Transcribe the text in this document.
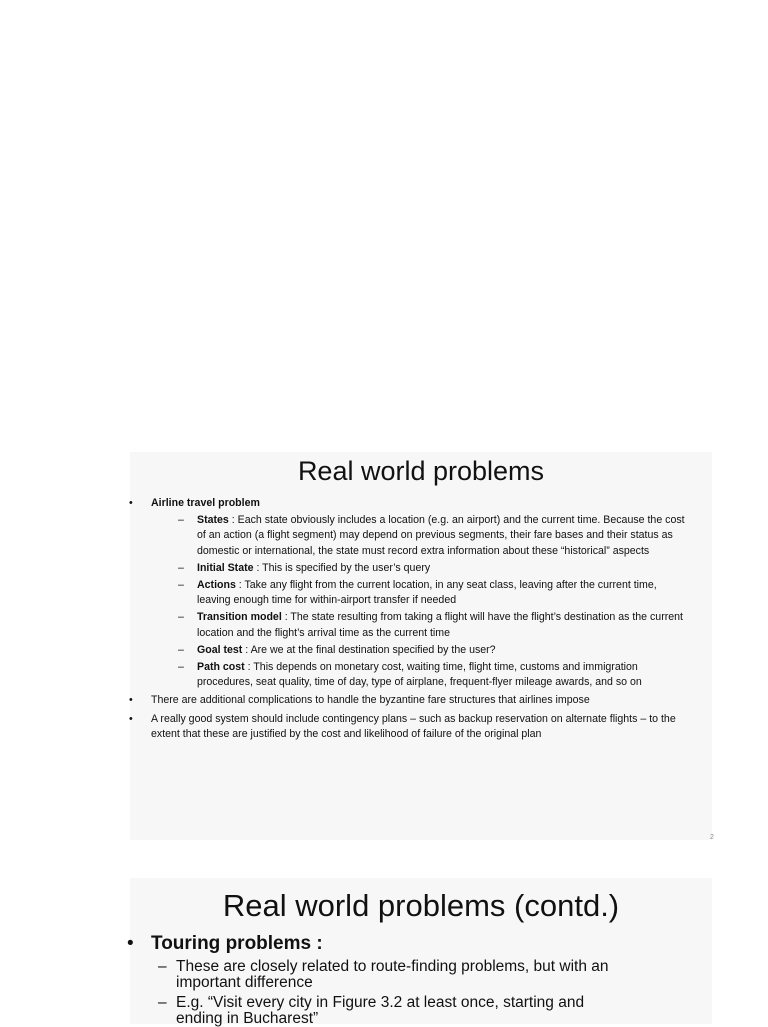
Real world problems
• Airline travel problem
– States : Each state obviously includes a location (e.g. an airport) and the current time. Because the cost of an action (a flight segment) may depend on previous segments, their fare bases and their status as domestic or international, the state must record extra information about these “historical” aspects
– Initial State : This is specified by the user’s query
– Actions : Take any flight from the current location, in any seat class, leaving after the current time, leaving enough time for within-airport transfer if needed
– Transition model : The state resulting from taking a flight will have the flight’s destination as the current location and the flight’s arrival time as the current time
– Goal test : Are we at the final destination specified by the user?
– Path cost : This depends on monetary cost, waiting time, flight time, customs and immigration procedures, seat quality, time of day, type of airplane, frequent-flyer mileage awards, and so on
• There are additional complications to handle the byzantine fare structures that airlines impose
• A really good system should include contingency plans – such as backup reservation on alternate flights – to the extent that these are justified by the cost and likelihood of failure of the original plan
2
Real world problems (contd.)
• Touring problems :
– These are closely related to route-finding problems, but with an important difference
– E.g. “Visit every city in Figure 3.2 at least once, starting and ending in Bucharest”
